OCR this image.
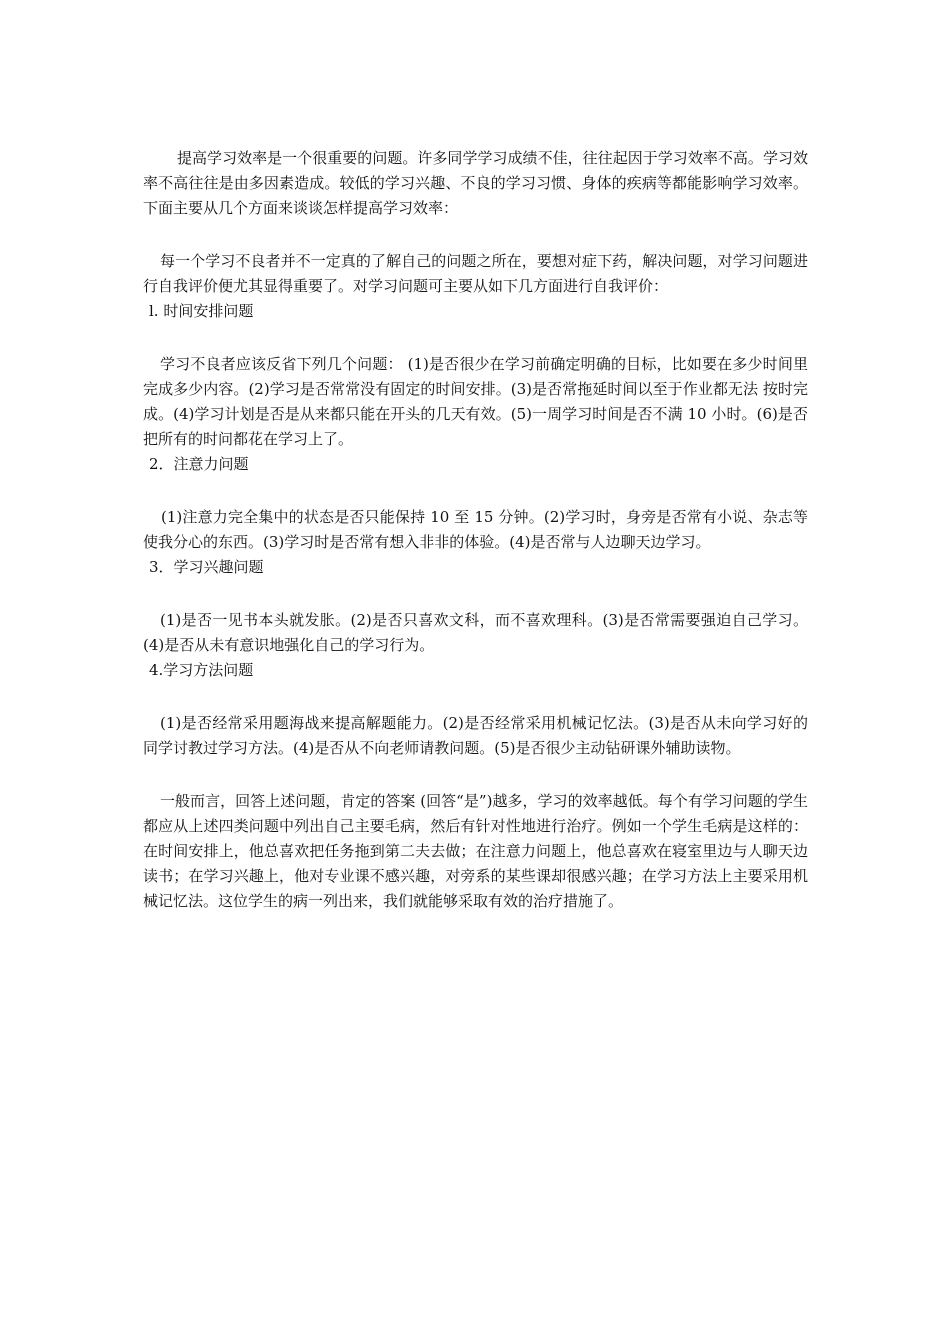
提高学习效率是一个很重要的问题。许多同学学习成绩不佳，往往起因于学习效率不高。学习效率不高往往是由多因素造成。较低的学习兴趣、不良的学习习惯、身体的疾病等都能影响学习效率。下面主要从几个方面来谈谈怎样提高学习效率：

每一个学习不良者并不一定真的了解自己的问题之所在，要想对症下药，解决问题，对学习问题进行自我评价便尤其显得重要了。对学习问题可主要从如下几方面进行自我评价：

l. 时间安排问题

学习不良者应该反省下列几个问题： (1)是否很少在学习前确定明确的目标，比如要在多少时间里完成多少内容。(2)学习是否常常没有固定的时间安排。(3)是否常拖延时间以至于作业都无法 按时完成。(4)学习计划是否是从来都只能在开头的几天有效。(5)一周学习时间是否不满 10 小时。(6)是否把所有的时问都花在学习上了。

2．注意力问题

(1)注意力完全集中的状态是否只能保持 10 至 15 分钟。(2)学习时，身旁是否常有小说、杂志等使我分心的东西。(3)学习时是否常有想入非非的体验。(4)是否常与人边聊天边学习。

3．学习兴趣问题

(1)是否一见书本头就发胀。(2)是否只喜欢文科，而不喜欢理科。(3)是否常需要强迫自己学习。(4)是否从未有意识地强化自己的学习行为。

4.学习方法问题

(1)是否经常采用题海战来提高解题能力。(2)是否经常采用机械记忆法。(3)是否从未向学习好的同学讨教过学习方法。(4)是否从不向老师请教问题。(5)是否很少主动钻研课外辅助读物。

一般而言，回答上述问题，肯定的答案 (回答“是”)越多，学习的效率越低。每个有学习问题的学生都应从上述四类问题中列出自己主要毛病，然后有针对性地进行治疗。例如一个学生毛病是这样的：在时间安排上，他总喜欢把任务拖到第二夫去做；在注意力问题上，他总喜欢在寝室里边与人聊天边读书；在学习兴趣上，他对专业课不感兴趣，对旁系的某些课却很感兴趣；在学习方法上主要采用机械记忆法。这位学生的病一列出来，我们就能够采取有效的治疗措施了。
